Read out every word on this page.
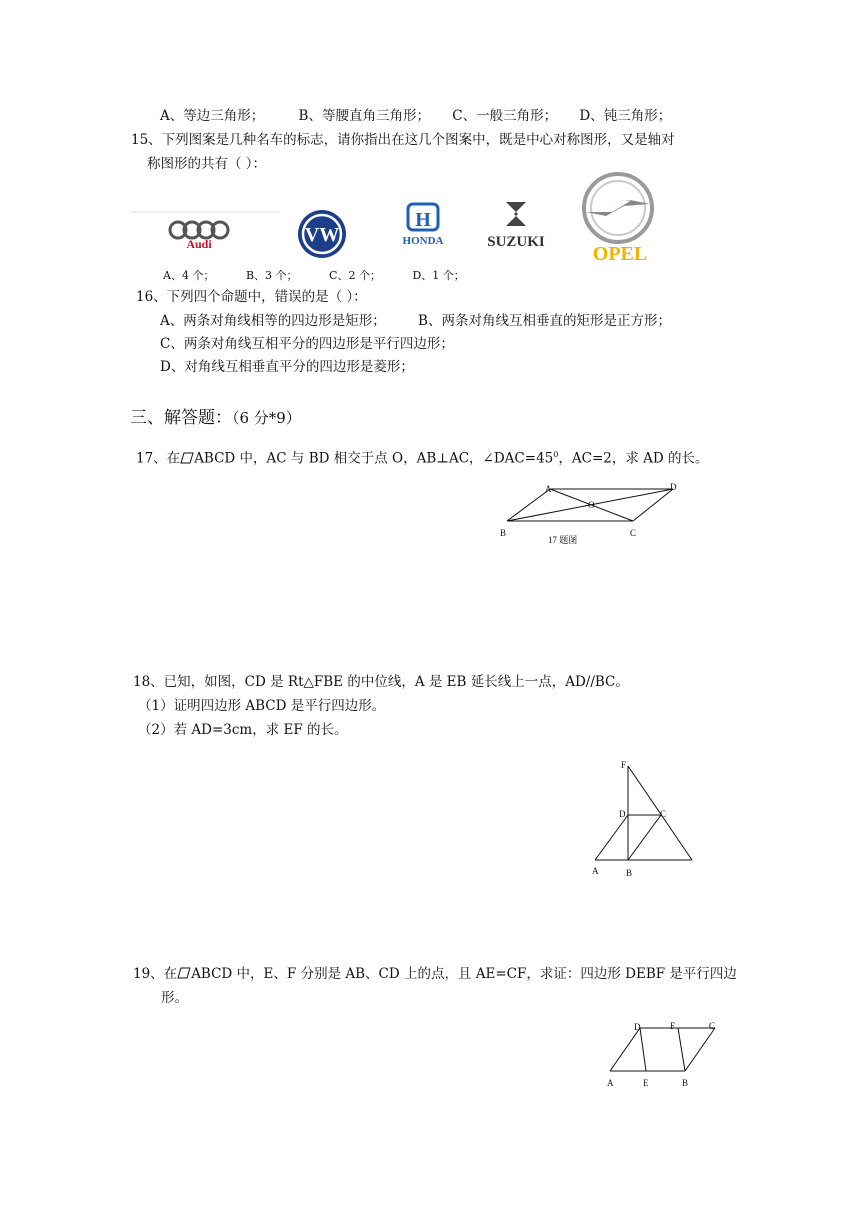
A、等边三角形；	B、等腰直角三角形； C、一般三角形； D、钝三角形；
15、下列图案是几种名车的标志，请你指出在这几个图案中，既是中心对称图形，又是轴对
称图形的共有（ ）：
Audi	VW
H
HONDA	SUZUKI
OPEL
A、4 个；	B、3 个；	C、2 个；	D、1 个；
16、下列四个命题中，错误的是（ ）：
A、两条对角线相等的四边形是矩形； B、两条对角线互相垂直的矩形是正方形；
C、两条对角线互相平分的四边形是平行四边形；
D、对角线互相垂直平分的四边形是菱形；
三、解答题：（6 分*9）
17、在 ABCD 中，AC 与 BD 相交于点 O，AB⊥AC，$\angle DAC=45^0$，AC=2，求 AD 的长。
A	D
O
B	C
17 题图
18、已知，如图，CD 是 Rt△FBE 的中位线，A 是 EB 延长线上一点，AD//BC。
（1）证明四边形 ABCD 是平行四边形。
（2）若 AD=3cm，求 EF 的长。
F
D	C
A	B
19、在 ABCD 中，E、F 分别是 AB、CD 上的点，且 AE=CF，求证：四边形 DEBF 是平行四边
形。
D	F	C
A	E	B
